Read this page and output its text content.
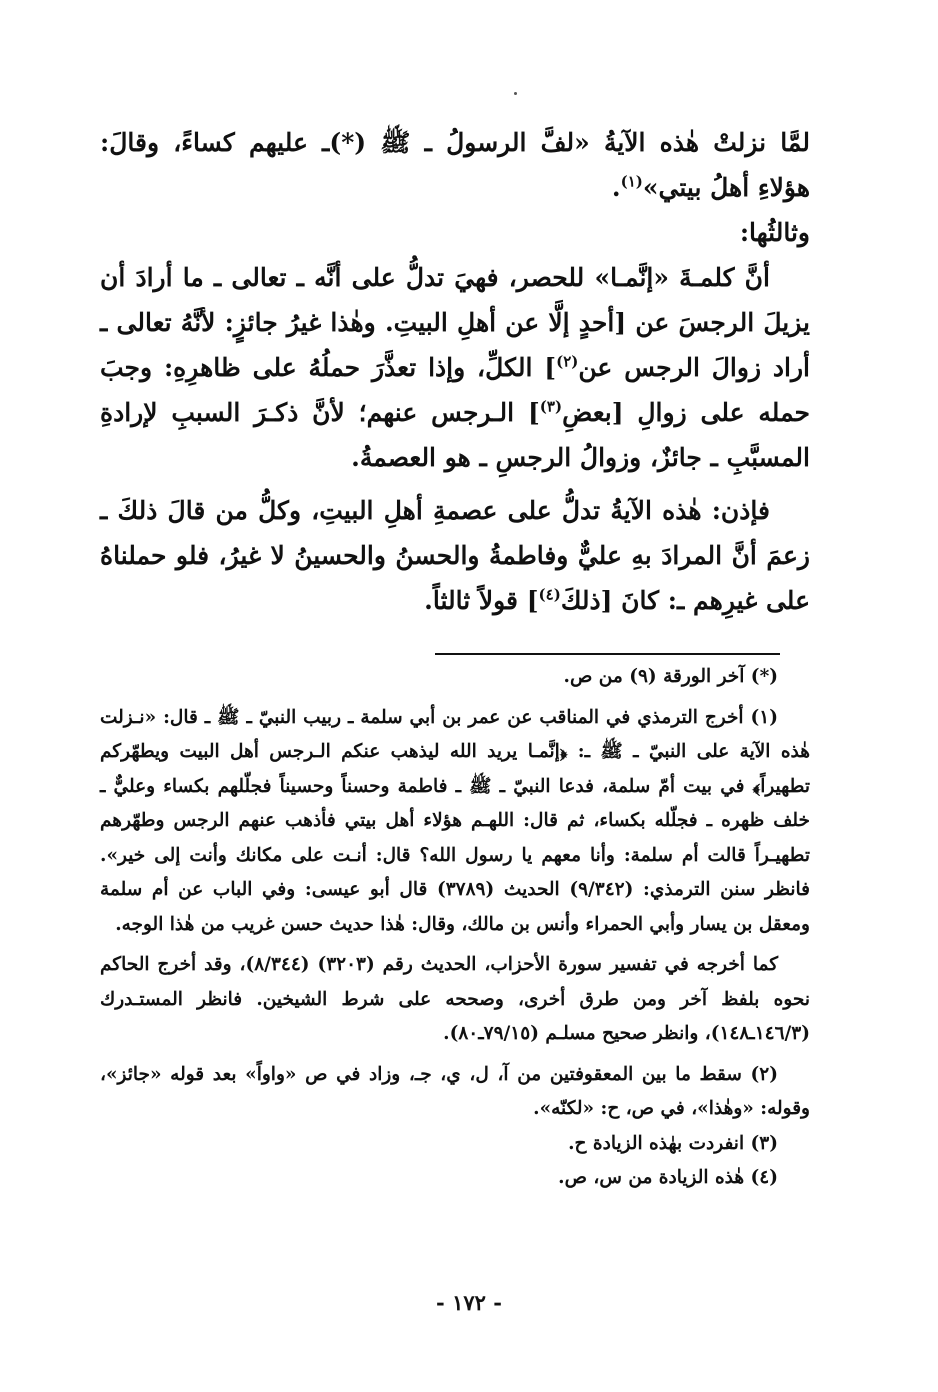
لمَّا نزلتْ هٰذه الآيةُ «لفَّ الرسولُ ـ ﷺ (*)ـ عليهم كساءً، وقالَ: هؤلاءِ أهلُ بيتي»$^{(١)}$.

وثالثُها:

أنَّ كلمـةَ «إنَّمـا» للحصر، فهيَ تدلُّ على أنَّه ـ تعالى ـ ما أرادَ أن يزيلَ الرجسَ عن [أحدٍ إلَّا عن أهلِ البيتِ. وهٰذا غيرُ جائزٍ: لأنَّهُ تعالى ـ أراد زوالَ الرجس عن$^{(٢)}$] الكلِّ، وإذا تعذَّرَ حملُهُ على ظاهرِهِ: وجبَ حمله على زوالِ [بعضِ$^{(٣)}$] الـرجس عنهم؛ لأنَّ ذكـرَ السببِ لإرادةِ المسبَّبِ ـ جائزٌ، وزوالُ الرجسِ ـ هو العصمةُ.

فإذن: هٰذه الآيةُ تدلُّ على عصمةِ أهلِ البيتِ، وكلُّ من قالَ ذلكَ ـ زعمَ أنَّ المرادَ بهِ عليٌّ وفاطمةُ والحسنُ والحسينُ لا غيرُ، فلو حملناهُ على غيرِهم ـ: كانَ [ذلكَ$^{(٤)}$] قولاً ثالثاً.

(*) آخر الورقة (٩) من ص.

(١) أخرج الترمذي في المناقب عن عمر بن أبي سلمة ـ ربيب النبيّ ـ ﷺ ـ قال: «نـزلت هٰذه الآية على النبيّ ـ ﷺ ـ: ﴿إنَّمـا يريد الله ليذهب عنكم الـرجس أهل البيت ويطهّركم تطهيراً﴾ في بيت أمّ سلمة، فدعا النبيّ ـ ﷺ ـ فاطمة وحسناً وحسيناً فجلّلهم بكساء وعليٌّ ـ خلف ظهره ـ فجلّله بكساء، ثم قال: اللهـم هؤلاء أهل بيتي فأذهب عنهم الرجس وطهّرهم تطهيـراً قالت أم سلمة: وأنا معهم يا رسول الله؟ قال: أنـت على مكانك وأنت إلى خير». فانظر سنن الترمذي: (٩/٣٤٢) الحديث (٣٧٨٩) قال أبو عيسى: وفي الباب عن أم سلمة ومعقل بن يسار وأبي الحمراء وأنس بن مالك، وقال: هٰذا حديث حسن غريب من هٰذا الوجه.

كما أخرجه في تفسير سورة الأحزاب، الحديث رقم (٣٢٠٣) (٨/٣٤٤)، وقد أخرج الحاكم نحوه بلفظ آخر ومن طرق أخرى، وصححه على شرط الشيخين. فانظر المستـدرك (١٤٦/٣ـ١٤٨)، وانظر صحيح مسلـم (٧٩/١٥ـ٨٠).

(٢) سقط ما بين المعقوفتين من آ، ل، ي، جـ، وزاد في ص «واواً» بعد قوله «جائز»، وقوله: «وهٰذا»، في ص، ح: «لكنّه».

(٣) انفردت بهٰذه الزيادة ح.

(٤) هٰذه الزيادة من س، ص.

- ١٧٢ -
